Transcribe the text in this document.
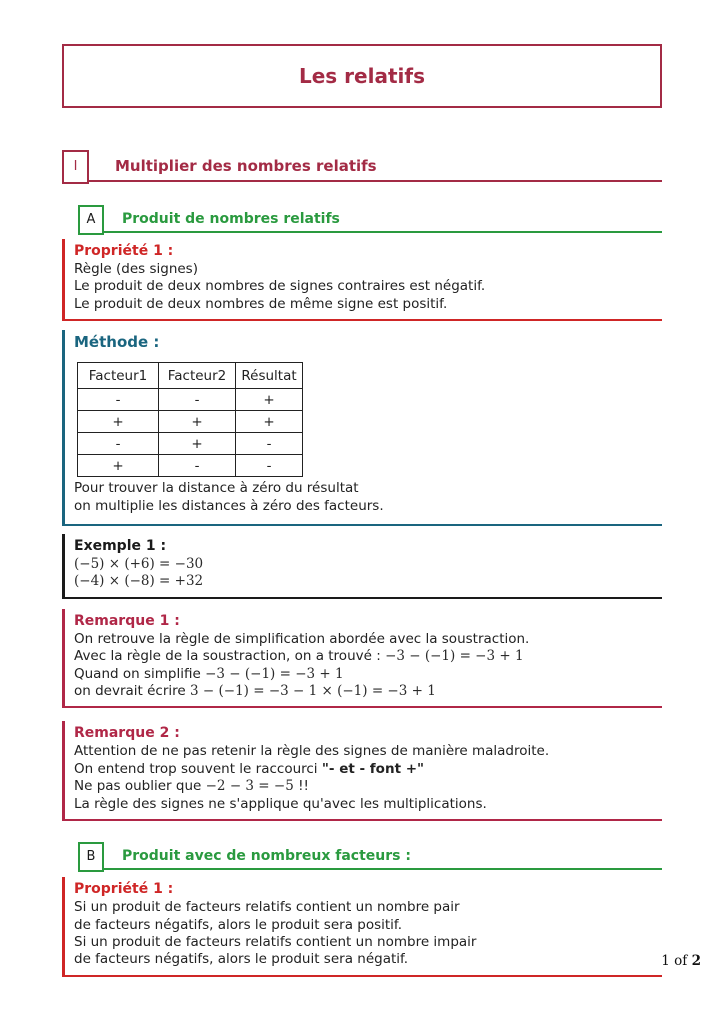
Les relatifs
I	Multiplier des nombres relatifs
A	Produit de nombres relatifs
Propriété 1 :
Règle (des signes)
Le produit de deux nombres de signes contraires est négatif.
Le produit de deux nombres de même signe est positif.
Méthode :
Facteur1	Facteur2	Résultat
-	-	+
+	+	+
-	+	-
+	-	-
Pour trouver la distance à zéro du résultat
on multiplie les distances à zéro des facteurs.
Exemple 1 :
(−5) × (+6) = −30
(−4) × (−8) = +32
Remarque 1 :
On retrouve la règle de simplification abordée avec la soustraction.
Avec la règle de la soustraction, on a trouvé : −3 − (−1) = −3 + 1
Quand on simplifie −3 − (−1) = −3 + 1
on devrait écrire 3 − (−1) = −3 − 1 × (−1) = −3 + 1
Remarque 2 :
Attention de ne pas retenir la règle des signes de manière maladroite.
On entend trop souvent le raccourci "- et - font +"
Ne pas oublier que −2 − 3 = −5 !!
La règle des signes ne s'applique qu'avec les multiplications.
B	Produit avec de nombreux facteurs :
Propriété 1 :
Si un produit de facteurs relatifs contient un nombre pair
de facteurs négatifs, alors le produit sera positif.
Si un produit de facteurs relatifs contient un nombre impair
de facteurs négatifs, alors le produit sera négatif.	1 of 2
